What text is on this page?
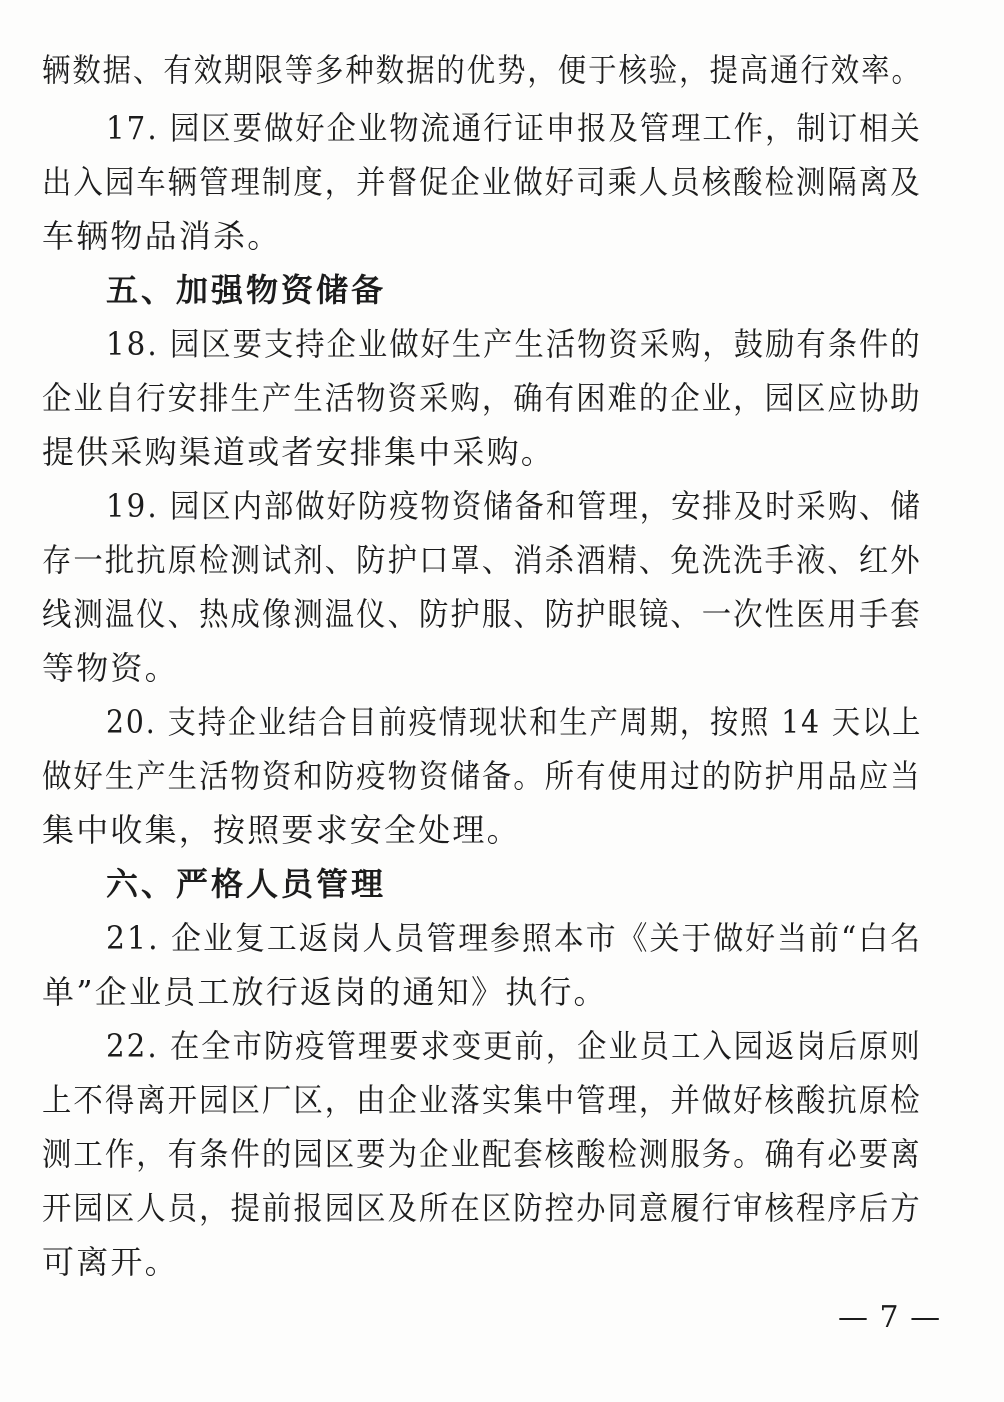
辆数据、有效期限等多种数据的优势，便于核验，提高通行效率。
17. 园区要做好企业物流通行证申报及管理工作，制订相关
出入园车辆管理制度，并督促企业做好司乘人员核酸检测隔离及
车辆物品消杀。
五、加强物资储备
18. 园区要支持企业做好生产生活物资采购，鼓励有条件的
企业自行安排生产生活物资采购，确有困难的企业，园区应协助
提供采购渠道或者安排集中采购。
19. 园区内部做好防疫物资储备和管理，安排及时采购、储
存一批抗原检测试剂、防护口罩、消杀酒精、免洗洗手液、红外
线测温仪、热成像测温仪、防护服、防护眼镜、一次性医用手套
等物资。
20. 支持企业结合目前疫情现状和生产周期，按照 14 天以上
做好生产生活物资和防疫物资储备。所有使用过的防护用品应当
集中收集，按照要求安全处理。
六、严格人员管理
21. 企业复工返岗人员管理参照本市《关于做好当前“白名
单”企业员工放行返岗的通知》执行。
22. 在全市防疫管理要求变更前，企业员工入园返岗后原则
上不得离开园区厂区，由企业落实集中管理，并做好核酸抗原检
测工作，有条件的园区要为企业配套核酸检测服务。确有必要离
开园区人员，提前报园区及所在区防控办同意履行审核程序后方
可离开。
— 7 —
